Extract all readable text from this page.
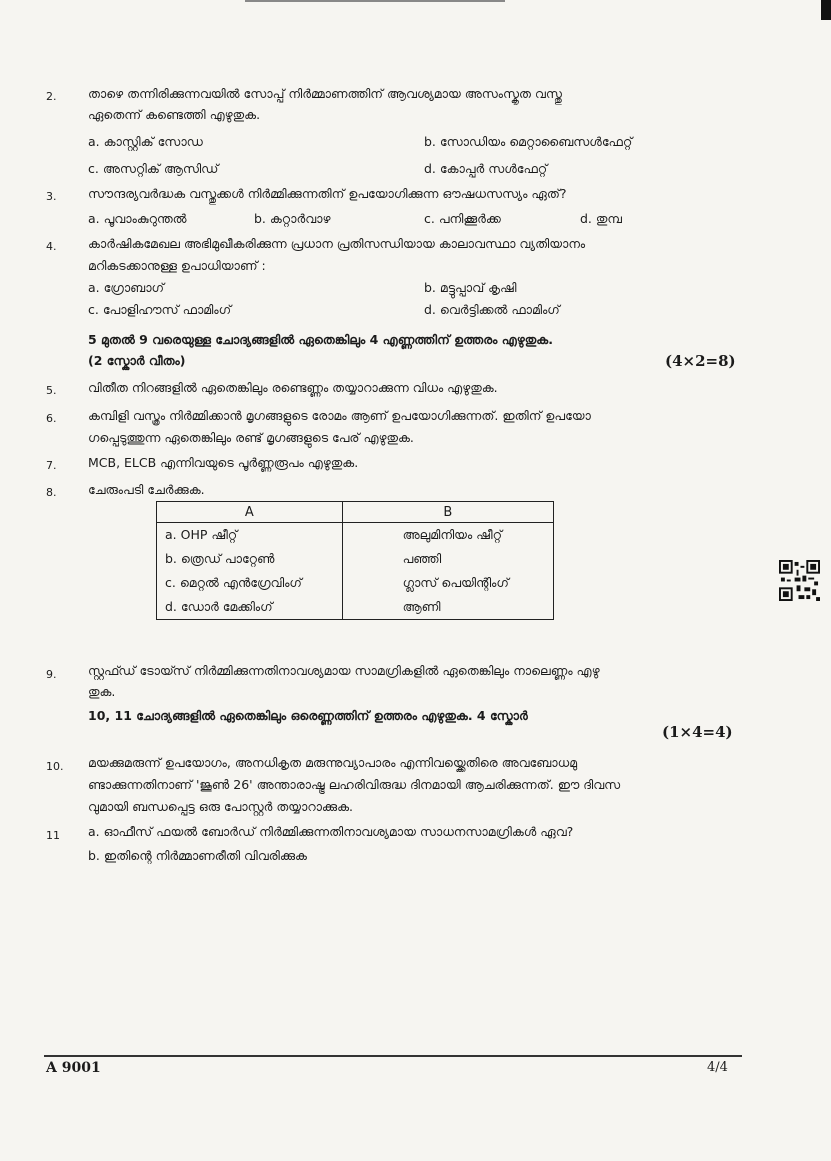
2.	താഴെ തന്നിരിക്കുന്നവയിൽ സോപ്പ് നിർമ്മാണത്തിന് ആവശ്യമായ അസംസ്കൃത വസ്തു
ഏതെന്ന് കണ്ടെത്തി എഴുതുക.
a. കാസ്റ്റിക് സോഡ	b. സോഡിയം മെറ്റാബൈസൾഫേറ്റ്
c. അസറ്റിക് ആസിഡ്	d. കോപ്പർ സൾഫേറ്റ്
3.	സൗന്ദര്യവർദ്ധക വസ്തുക്കൾ നിർമ്മിക്കുന്നതിന് ഉപയോഗിക്കുന്ന ഔഷധസസ്യം ഏത്?
a. പൂവാംകുറുന്തൽ	b. കറ്റാർവാഴ	c. പനിക്കൂർക്ക	d. തുമ്പ
4.	കാർഷികമേഖല അഭിമുഖീകരിക്കുന്ന പ്രധാന പ്രതിസന്ധിയായ കാലാവസ്ഥാ വ്യതിയാനം
മറികടക്കാനുള്ള ഉപാധിയാണ് :
a. ഗ്രോബാഗ്	b. മട്ടുപ്പാവ് കൃഷി
c. പോളിഹൗസ് ഫാമിംഗ്	d. വെർട്ടിക്കൽ ഫാമിംഗ്
5 മുതൽ 9 വരെയുള്ള ചോദ്യങ്ങളിൽ ഏതെങ്കിലും 4 എണ്ണത്തിന് ഉത്തരം എഴുതുക.
(2 സ്കോർ വീതം)	(4×2=8)
5.	വിതീത നിറങ്ങളിൽ ഏതെങ്കിലും രണ്ടെണ്ണം തയ്യാറാക്കുന്ന വിധം എഴുതുക.
6.	കമ്പിളി വസ്ത്രം നിർമ്മിക്കാൻ മൃഗങ്ങളുടെ രോമം ആണ് ഉപയോഗിക്കുന്നത്. ഇതിന് ഉപയോ
ഗപ്പെടുത്തുന്ന ഏതെങ്കിലും രണ്ട് മൃഗങ്ങളുടെ പേര് എഴുതുക.
7.	MCB, ELCB എന്നിവയുടെ പൂർണ്ണരൂപം എഴുതുക.
8.	ചേരുംപടി ചേർക്കുക.
A	B
a. OHP ഷീറ്റ്	അലുമിനിയം ഷീറ്റ്
b. ത്രെഡ് പാറ്റേൺ	പഞ്ഞി
c. മെറ്റൽ എൻഗ്രേവിംഗ്	ഗ്ലാസ് പെയിന്റിംഗ്
d. ഡോർ മേക്കിംഗ്	ആണി
9.	സ്റ്റഫ്ഡ് ടോയ്സ് നിർമ്മിക്കുന്നതിനാവശ്യമായ സാമഗ്രികളിൽ ഏതെങ്കിലും നാലെണ്ണം എഴു
തുക.
10, 11 ചോദ്യങ്ങളിൽ ഏതെങ്കിലും ഒരെണ്ണത്തിന് ഉത്തരം എഴുതുക. 4 സ്കോർ
(1×4=4)
10. മയക്കുമരുന്ന് ഉപയോഗം, അനധികൃത മരുന്നുവ്യാപാരം എന്നിവയ്ക്കെതിരെ അവബോധമു
ണ്ടാക്കുന്നതിനാണ് 'ജൂൺ 26' അന്താരാഷ്ട്ര ലഹരിവിരുദ്ധ ദിനമായി ആചരിക്കുന്നത്. ഈ ദിവസ
വുമായി ബന്ധപ്പെട്ട ഒരു പോസ്റ്റർ തയ്യാറാക്കുക.
11 a. ഓഫീസ് ഫയൽ ബോർഡ് നിർമ്മിക്കുന്നതിനാവശ്യമായ സാധനസാമഗ്രികൾ ഏവ?
b. ഇതിന്റെ നിർമ്മാണരീതി വിവരിക്കുക
A 9001	4/4
